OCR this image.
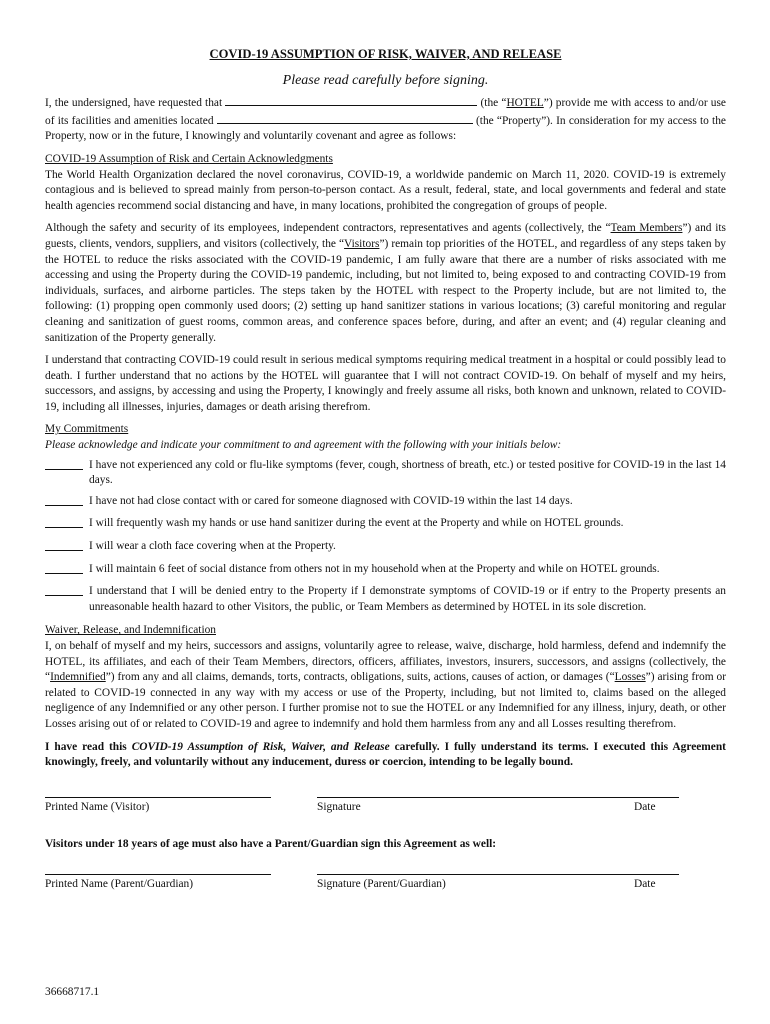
COVID-19 ASSUMPTION OF RISK, WAIVER, AND RELEASE
Please read carefully before signing.

I, the undersigned, have requested that	(the “HOTEL”) provide me with access to and/or use of its facilities and amenities located	(the “Property”). In consideration for my access to the Property, now or in the future, I knowingly and voluntarily covenant and agree as follows:

COVID-19 Assumption of Risk and Certain Acknowledgments

The World Health Organization declared the novel coronavirus, COVID-19, a worldwide pandemic on March 11, 2020. COVID-19 is extremely contagious and is believed to spread mainly from person-to-person contact. As a result, federal, state, and local governments and federal and state health agencies recommend social distancing and have, in many locations, prohibited the congregation of groups of people.

Although the safety and security of its employees, independent contractors, representatives and agents (collectively, the “Team Members”) and its guests, clients, vendors, suppliers, and visitors (collectively, the “Visitors”) remain top priorities of the HOTEL, and regardless of any steps taken by the HOTEL to reduce the risks associated with the COVID-19 pandemic, I am fully aware that there are a number of risks associated with me accessing and using the Property during the COVID-19 pandemic, including, but not limited to, being exposed to and contracting COVID-19 from individuals, surfaces, and airborne particles. The steps taken by the HOTEL with respect to the Property include, but are not limited to, the following: (1) propping open commonly used doors; (2) setting up hand sanitizer stations in various locations; (3) careful monitoring and regular cleaning and sanitization of guest rooms, common areas, and conference spaces before, during, and after an event; and (4) regular cleaning and sanitization of the Property generally.

I understand that contracting COVID-19 could result in serious medical symptoms requiring medical treatment in a hospital or could possibly lead to death. I further understand that no actions by the HOTEL will guarantee that I will not contract COVID-19. On behalf of myself and my heirs, successors, and assigns, by accessing and using the Property, I knowingly and freely assume all risks, both known and unknown, related to COVID-19, including all illnesses, injuries, damages or death arising therefrom.

My Commitments
Please acknowledge and indicate your commitment to and agreement with the following with your initials below:
I have not experienced any cold or flu-like symptoms (fever, cough, shortness of breath, etc.) or tested positive for COVID-19 in the last 14 days.
I have not had close contact with or cared for someone diagnosed with COVID-19 within the last 14 days.
I will frequently wash my hands or use hand sanitizer during the event at the Property and while on HOTEL grounds.
I will wear a cloth face covering when at the Property.
I will maintain 6 feet of social distance from others not in my household when at the Property and while on HOTEL grounds.
I understand that I will be denied entry to the Property if I demonstrate symptoms of COVID-19 or if entry to the Property presents an unreasonable health hazard to other Visitors, the public, or Team Members as determined by HOTEL in its sole discretion.
Waiver, Release, and Indemnification

I, on behalf of myself and my heirs, successors and assigns, voluntarily agree to release, waive, discharge, hold harmless, defend and indemnify the HOTEL, its affiliates, and each of their Team Members, directors, officers, affiliates, investors, insurers, successors, and assigns (collectively, the “Indemnified”) from any and all claims, demands, torts, contracts, obligations, suits, actions, causes of action, or damages (“Losses”) arising from or related to COVID-19 connected in any way with my access or use of the Property, including, but not limited to, claims based on the alleged negligence of any Indemnified or any other person. I further promise not to sue the HOTEL or any Indemnified for any illness, injury, death, or other Losses arising out of or related to COVID-19 and agree to indemnify and hold them harmless from any and all Losses resulting therefrom.

I have read this COVID-19 Assumption of Risk, Waiver, and Release carefully. I fully understand its terms. I executed this Agreement knowingly, freely, and voluntarily without any inducement, duress or coercion, intending to be legally bound.

Printed Name (Visitor)	Signature	Date

Visitors under 18 years of age must also have a Parent/Guardian sign this Agreement as well:

Printed Name (Parent/Guardian)	Signature (Parent/Guardian)	Date
36668717.1
